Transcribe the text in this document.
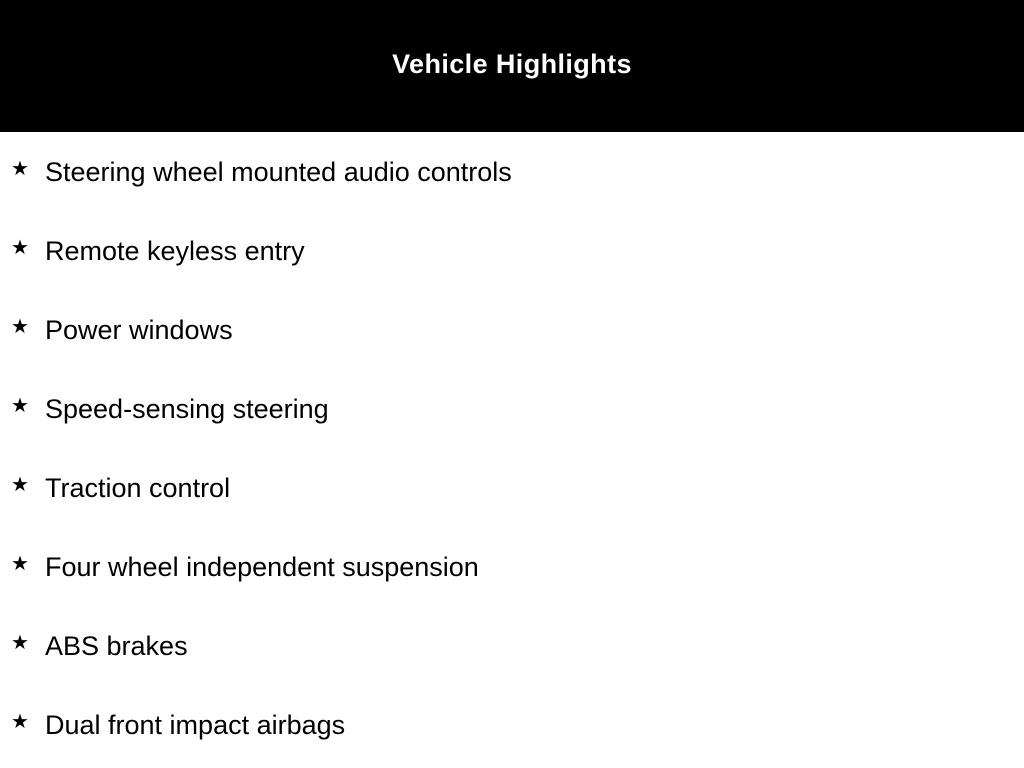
Vehicle Highlights
★ Steering wheel mounted audio controls
★ Remote keyless entry
★ Power windows
★ Speed-sensing steering
★ Traction control
★ Four wheel independent suspension
★ ABS brakes
★ Dual front impact airbags
